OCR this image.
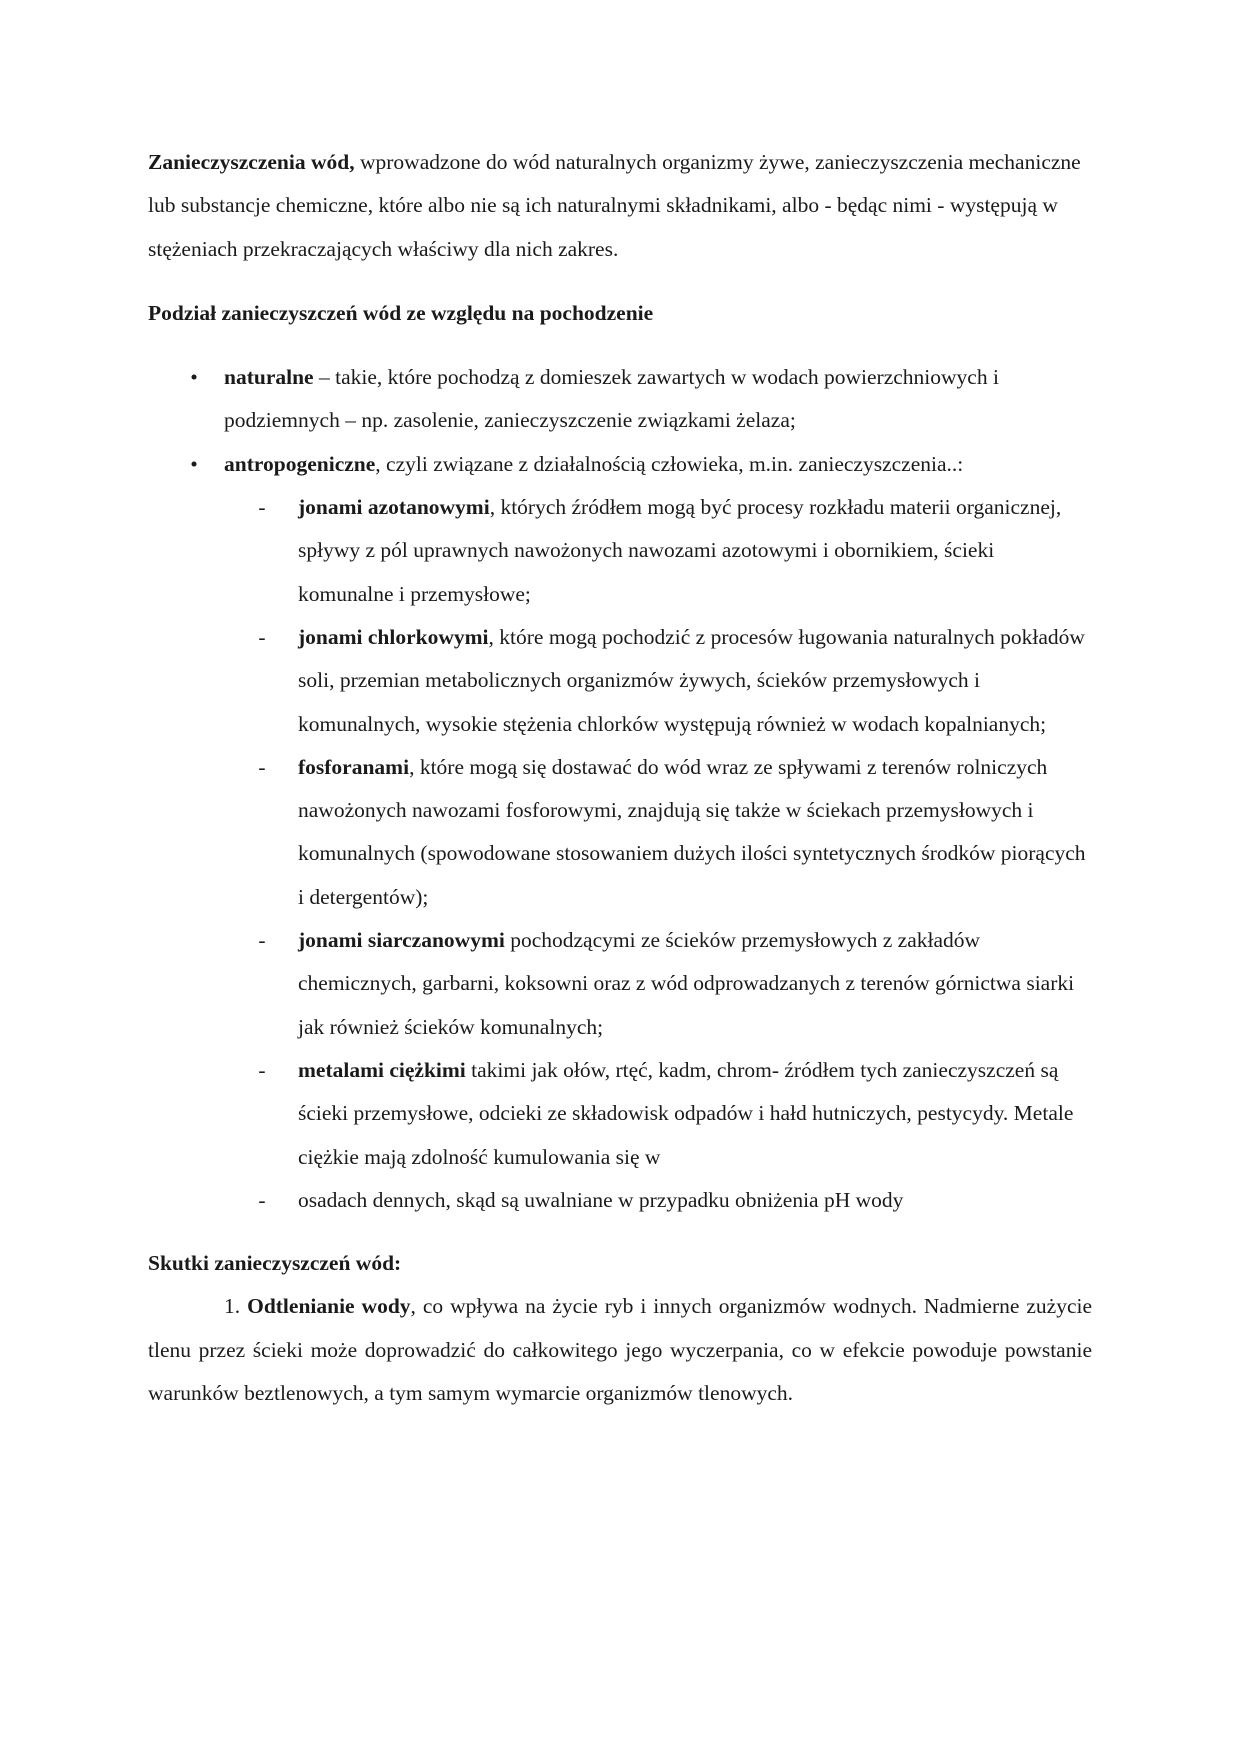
Zanieczyszczenia wód, wprowadzone do wód naturalnych organizmy żywe, zanieczyszczenia mechaniczne lub substancje chemiczne, które albo nie są ich naturalnymi składnikami, albo - będąc nimi - występują w stężeniach przekraczających właściwy dla nich zakres.

Podział zanieczyszczeń wód ze względu na pochodzenie

• naturalne – takie, które pochodzą z domieszek zawartych w wodach powierzchniowych i podziemnych – np. zasolenie, zanieczyszczenie związkami żelaza;
• antropogeniczne, czyli związane z działalnością człowieka, m.in. zanieczyszczenia..:
- jonami azotanowymi, których źródłem mogą być procesy rozkładu materii organicznej, spływy z pól uprawnych nawożonych nawozami azotowymi i obornikiem, ścieki komunalne i przemysłowe;
- jonami chlorkowymi, które mogą pochodzić z procesów ługowania naturalnych pokładów soli, przemian metabolicznych organizmów żywych, ścieków przemysłowych i komunalnych, wysokie stężenia chlorków występują również w wodach kopalnianych;
- fosforanami, które mogą się dostawać do wód wraz ze spływami z terenów rolniczych nawożonych nawozami fosforowymi, znajdują się także w ściekach przemysłowych i komunalnych (spowodowane stosowaniem dużych ilości syntetycznych środków piorących i detergentów);
- jonami siarczanowymi pochodzącymi ze ścieków przemysłowych z zakładów chemicznych, garbarni, koksowni oraz z wód odprowadzanych z terenów górnictwa siarki jak również ścieków komunalnych;
- metalami ciężkimi takimi jak ołów, rtęć, kadm, chrom- źródłem tych zanieczyszczeń są ścieki przemysłowe, odcieki ze składowisk odpadów i hałd hutniczych, pestycydy. Metale ciężkie mają zdolność kumulowania się w
- osadach dennych, skąd są uwalniane w przypadku obniżenia pH wody

Skutki zanieczyszczeń wód:

1. Odtlenianie wody, co wpływa na życie ryb i innych organizmów wodnych. Nadmierne zużycie tlenu przez ścieki może doprowadzić do całkowitego jego wyczerpania, co w efekcie powoduje powstanie warunków beztlenowych, a tym samym wymarcie organizmów tlenowych.
